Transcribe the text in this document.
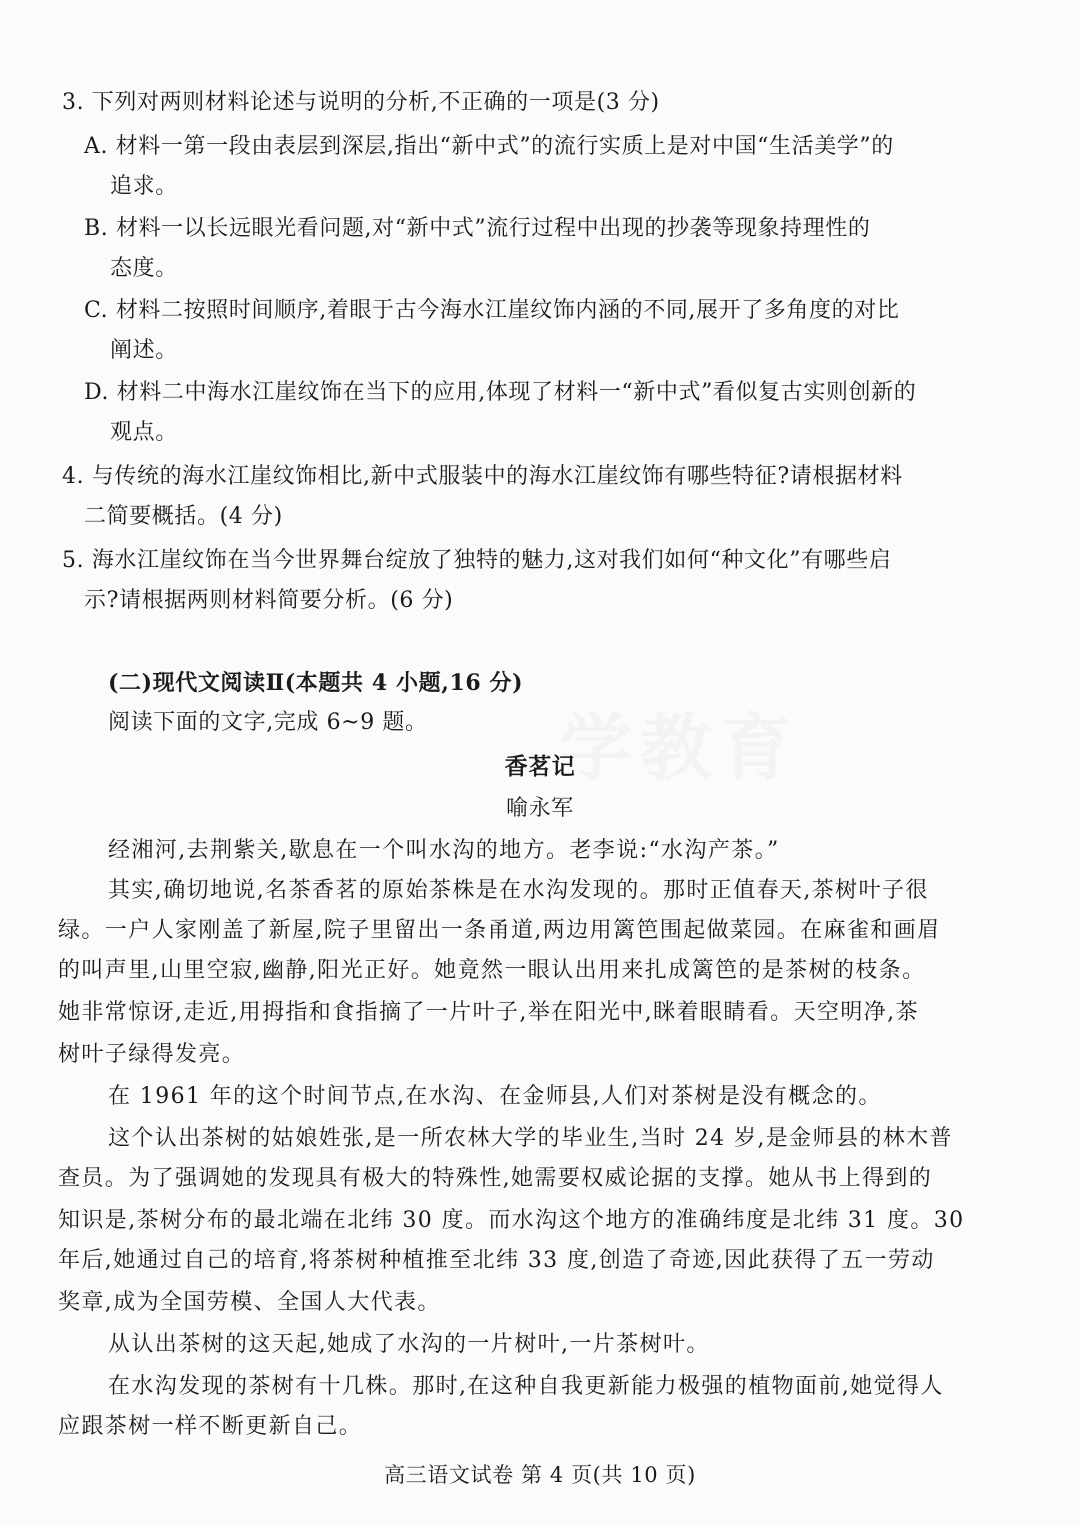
3. 下列对两则材料论述与说明的分析,不正确的一项是(3 分)
A. 材料一第一段由表层到深层,指出“新中式”的流行实质上是对中国“生活美学”的
追求。
B. 材料一以长远眼光看问题,对“新中式”流行过程中出现的抄袭等现象持理性的
态度。
C. 材料二按照时间顺序,着眼于古今海水江崖纹饰内涵的不同,展开了多角度的对比
阐述。
D. 材料二中海水江崖纹饰在当下的应用,体现了材料一“新中式”看似复古实则创新的
观点。
4. 与传统的海水江崖纹饰相比,新中式服装中的海水江崖纹饰有哪些特征?请根据材料
二简要概括。(4 分)
5. 海水江崖纹饰在当今世界舞台绽放了独特的魅力,这对我们如何“种文化”有哪些启
示?请根据两则材料简要分析。(6 分)
(二)现代文阅读Ⅱ(本题共 4 小题,16 分)
阅读下面的文字,完成 6~9 题。 学教育
香茗记
喻永军
经湘河,去荆紫关,歇息在一个叫水沟的地方。老李说:“水沟产茶。”
其实,确切地说,名茶香茗的原始茶株是在水沟发现的。那时正值春天,茶树叶子很
绿。一户人家刚盖了新屋,院子里留出一条甬道,两边用篱笆围起做菜园。在麻雀和画眉
的叫声里,山里空寂,幽静,阳光正好。她竟然一眼认出用来扎成篱笆的是茶树的枝条。
她非常惊讶,走近,用拇指和食指摘了一片叶子,举在阳光中,眯着眼睛看。天空明净,茶
树叶子绿得发亮。
在 1961 年的这个时间节点,在水沟、在金师县,人们对茶树是没有概念的。
这个认出茶树的姑娘姓张,是一所农林大学的毕业生,当时 24 岁,是金师县的林木普
查员。为了强调她的发现具有极大的特殊性,她需要权威论据的支撑。她从书上得到的
知识是,茶树分布的最北端在北纬 30 度。而水沟这个地方的准确纬度是北纬 31 度。30
年后,她通过自己的培育,将茶树种植推至北纬 33 度,创造了奇迹,因此获得了五一劳动
奖章,成为全国劳模、全国人大代表。
从认出茶树的这天起,她成了水沟的一片树叶,一片茶树叶。
在水沟发现的茶树有十几株。那时,在这种自我更新能力极强的植物面前,她觉得人
应跟茶树一样不断更新自己。
高三语文试卷 第 4 页(共 10 页)
